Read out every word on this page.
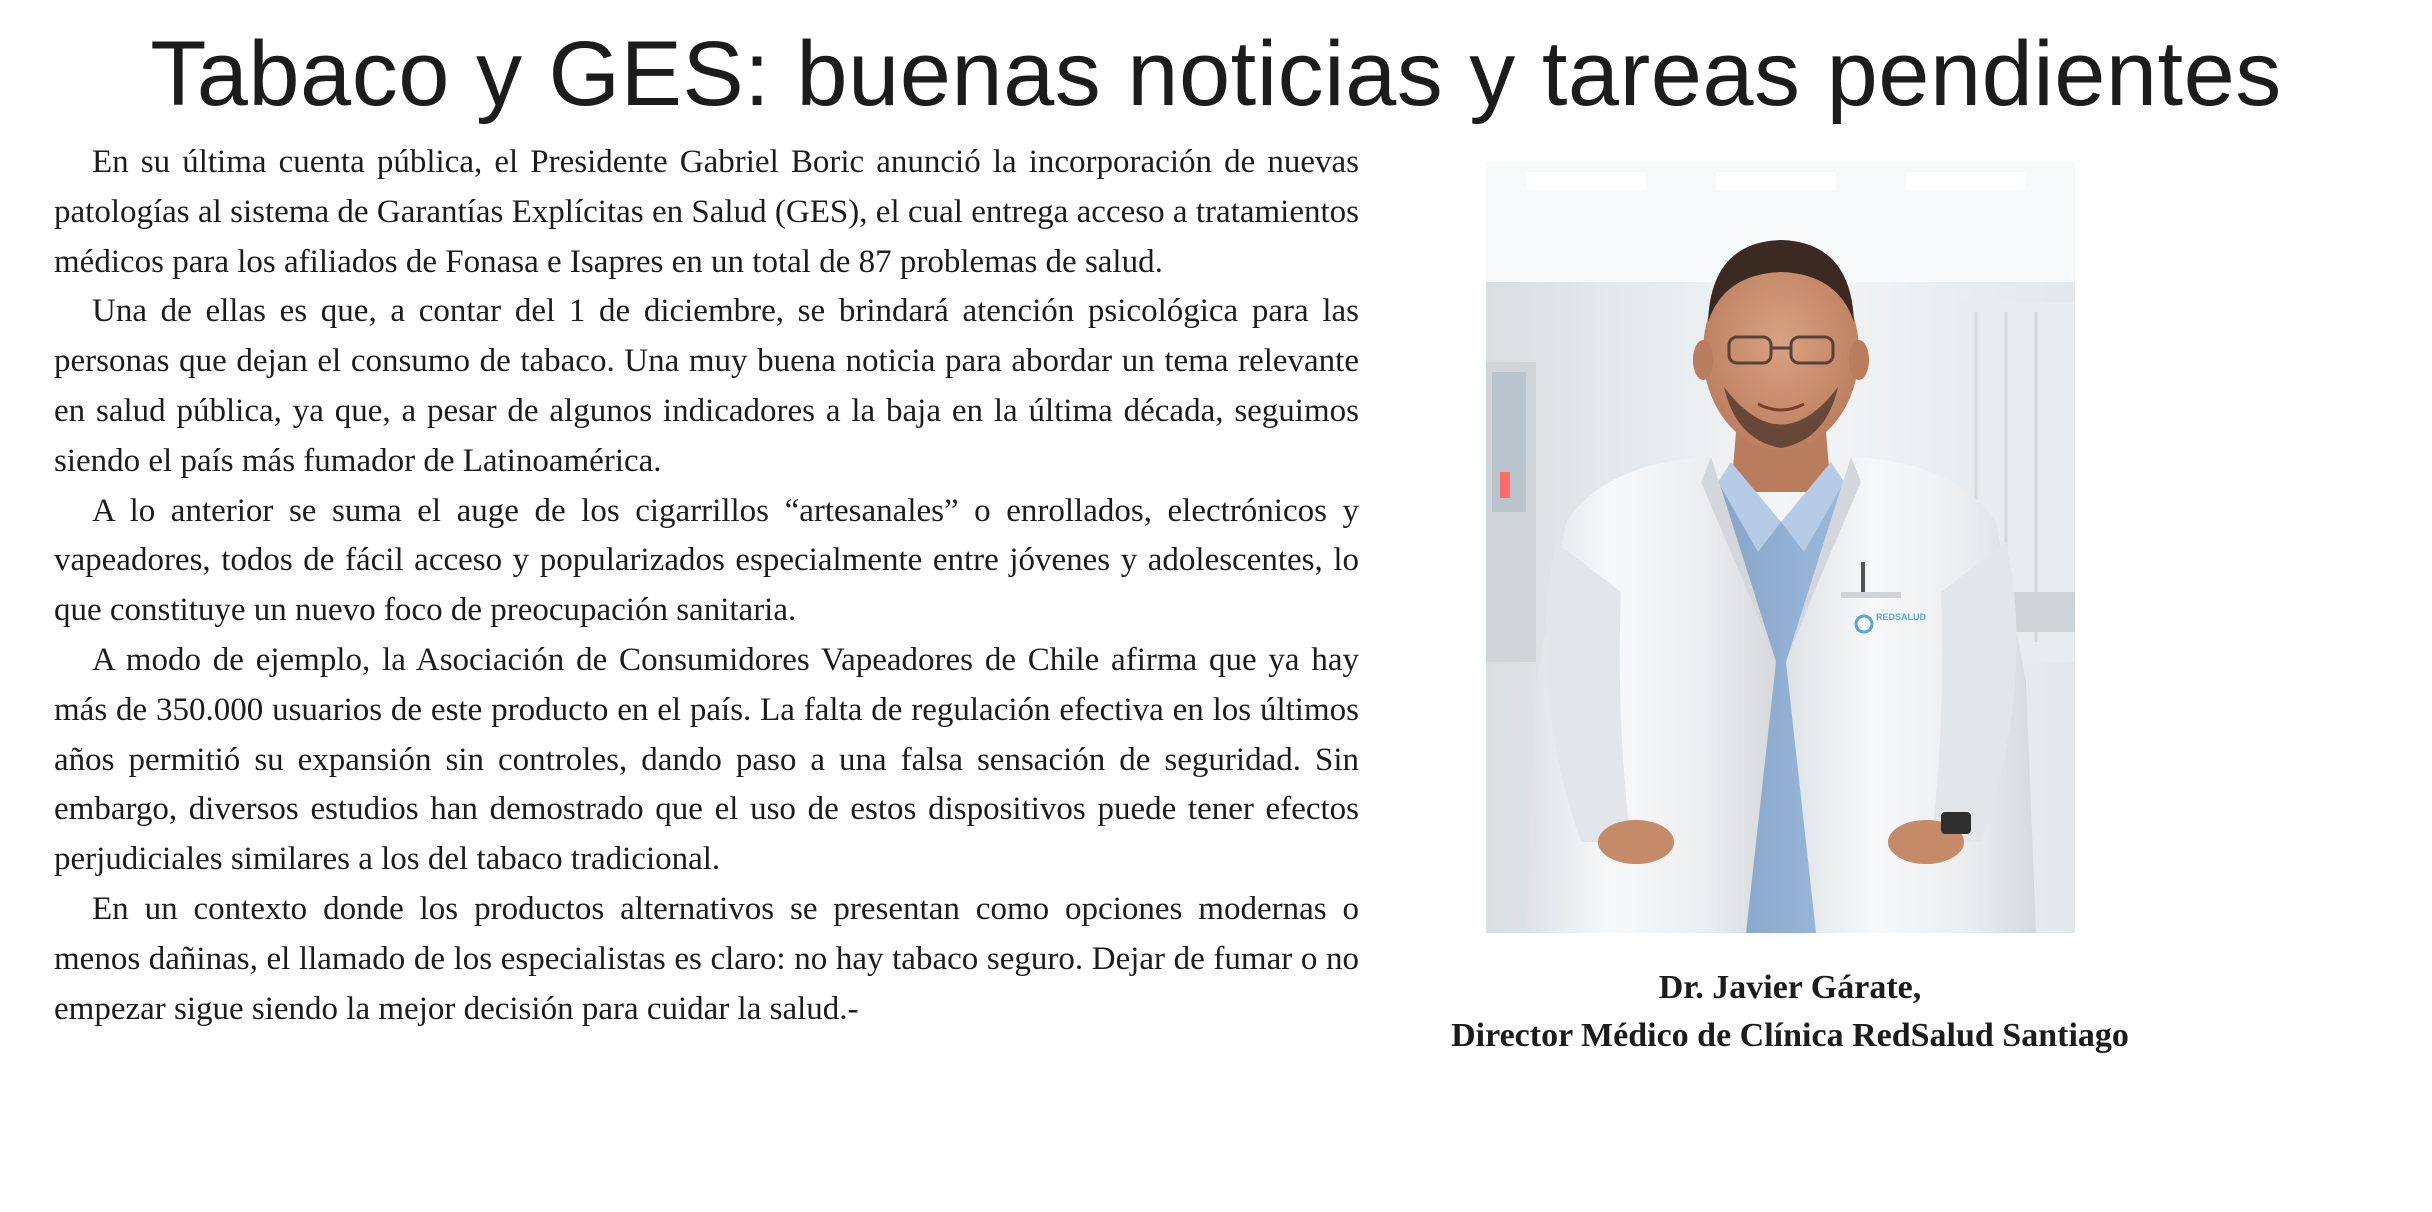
Tabaco y GES: buenas noticias y tareas pendientes

En su última cuenta pública, el Presidente Gabriel Boric anunció la incorporación de nuevas patologías al sistema de Garantías Explícitas en Salud (GES), el cual entrega acceso a tratamientos médicos para los afiliados de Fonasa e Isapres en un total de 87 problemas de salud.

Una de ellas es que, a contar del 1 de diciembre, se brindará atención psicológica para las personas que dejan el consumo de tabaco. Una muy buena noticia para abordar un tema relevante en salud pública, ya que, a pesar de algunos indicadores a la baja en la última década, seguimos siendo el país más fumador de Latinoamérica.

A lo anterior se suma el auge de los cigarrillos “artesanales” o enrollados, electrónicos y vapeadores, todos de fácil acceso y popularizados especialmente entre jóvenes y adolescentes, lo que constituye un nuevo foco de preocupación sanitaria.

A modo de ejemplo, la Asociación de Consumidores Vapeadores de Chile afirma que ya hay más de 350.000 usuarios de este producto en el país. La falta de regulación efectiva en los últimos años permitió su expansión sin controles, dando paso a una falsa sensación de seguridad. Sin embargo, diversos estudios han demostrado que el uso de estos dispositivos puede tener efectos perjudiciales similares a los del tabaco tradicional.

En un contexto donde los productos alternativos se presentan como opciones modernas o menos dañinas, el llamado de los especialistas es claro: no hay tabaco seguro. Dejar de fumar o no empezar sigue siendo la mejor decisión para cuidar la salud.-

REDSALUD
Dr. Javier Gárate,
Director Médico de Clínica RedSalud Santiago
